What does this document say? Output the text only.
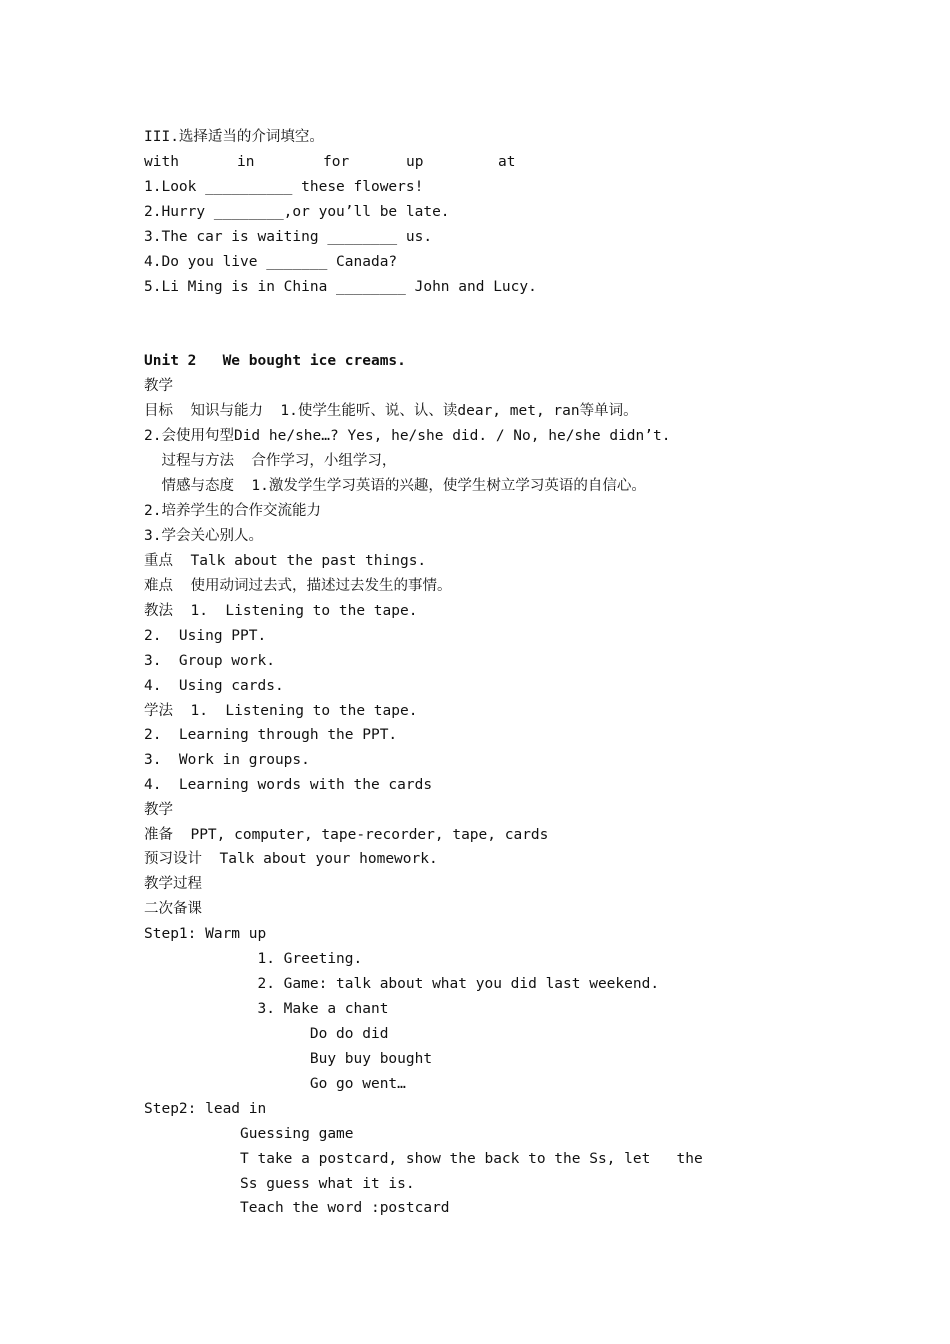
III.选择适当的介词填空。
with	in	for	up	at
1.Look __________ these flowers!
2.Hurry ________,or you’ll be late.
3.The car is waiting ________ us.
4.Do you live _______ Canada?
5.Li Ming is in China ________ John and Lucy.
Unit 2   We bought ice creams.
教学
目标  知识与能力  1.使学生能听、说、认、读dear, met, ran等单词。
2.会使用句型Did he/she…? Yes, he/she did. / No, he/she didn’t.
过程与方法  合作学习，小组学习，
情感与态度  1.激发学生学习英语的兴趣，使学生树立学习英语的自信心。
2.培养学生的合作交流能力
3.学会关心别人。
重点  Talk about the past things.
难点  使用动词过去式，描述过去发生的事情。
教法  1.  Listening to the tape.
2.  Using PPT.
3.  Group work.
4.  Using cards.
学法  1.  Listening to the tape.
2.  Learning through the PPT.
3.  Work in groups.
4.  Learning words with the cards
教学
准备  PPT, computer, tape-recorder, tape, cards
预习设计  Talk about your homework.
教学过程
二次备课
Step1: Warm up
1. Greeting.
2. Game: talk about what you did last weekend.
3. Make a chant
Do do did
Buy buy bought
Go go went…
Step2: lead in
Guessing game
T take a postcard, show the back to the Ss, let   the
Ss guess what it is.
Teach the word :postcard
